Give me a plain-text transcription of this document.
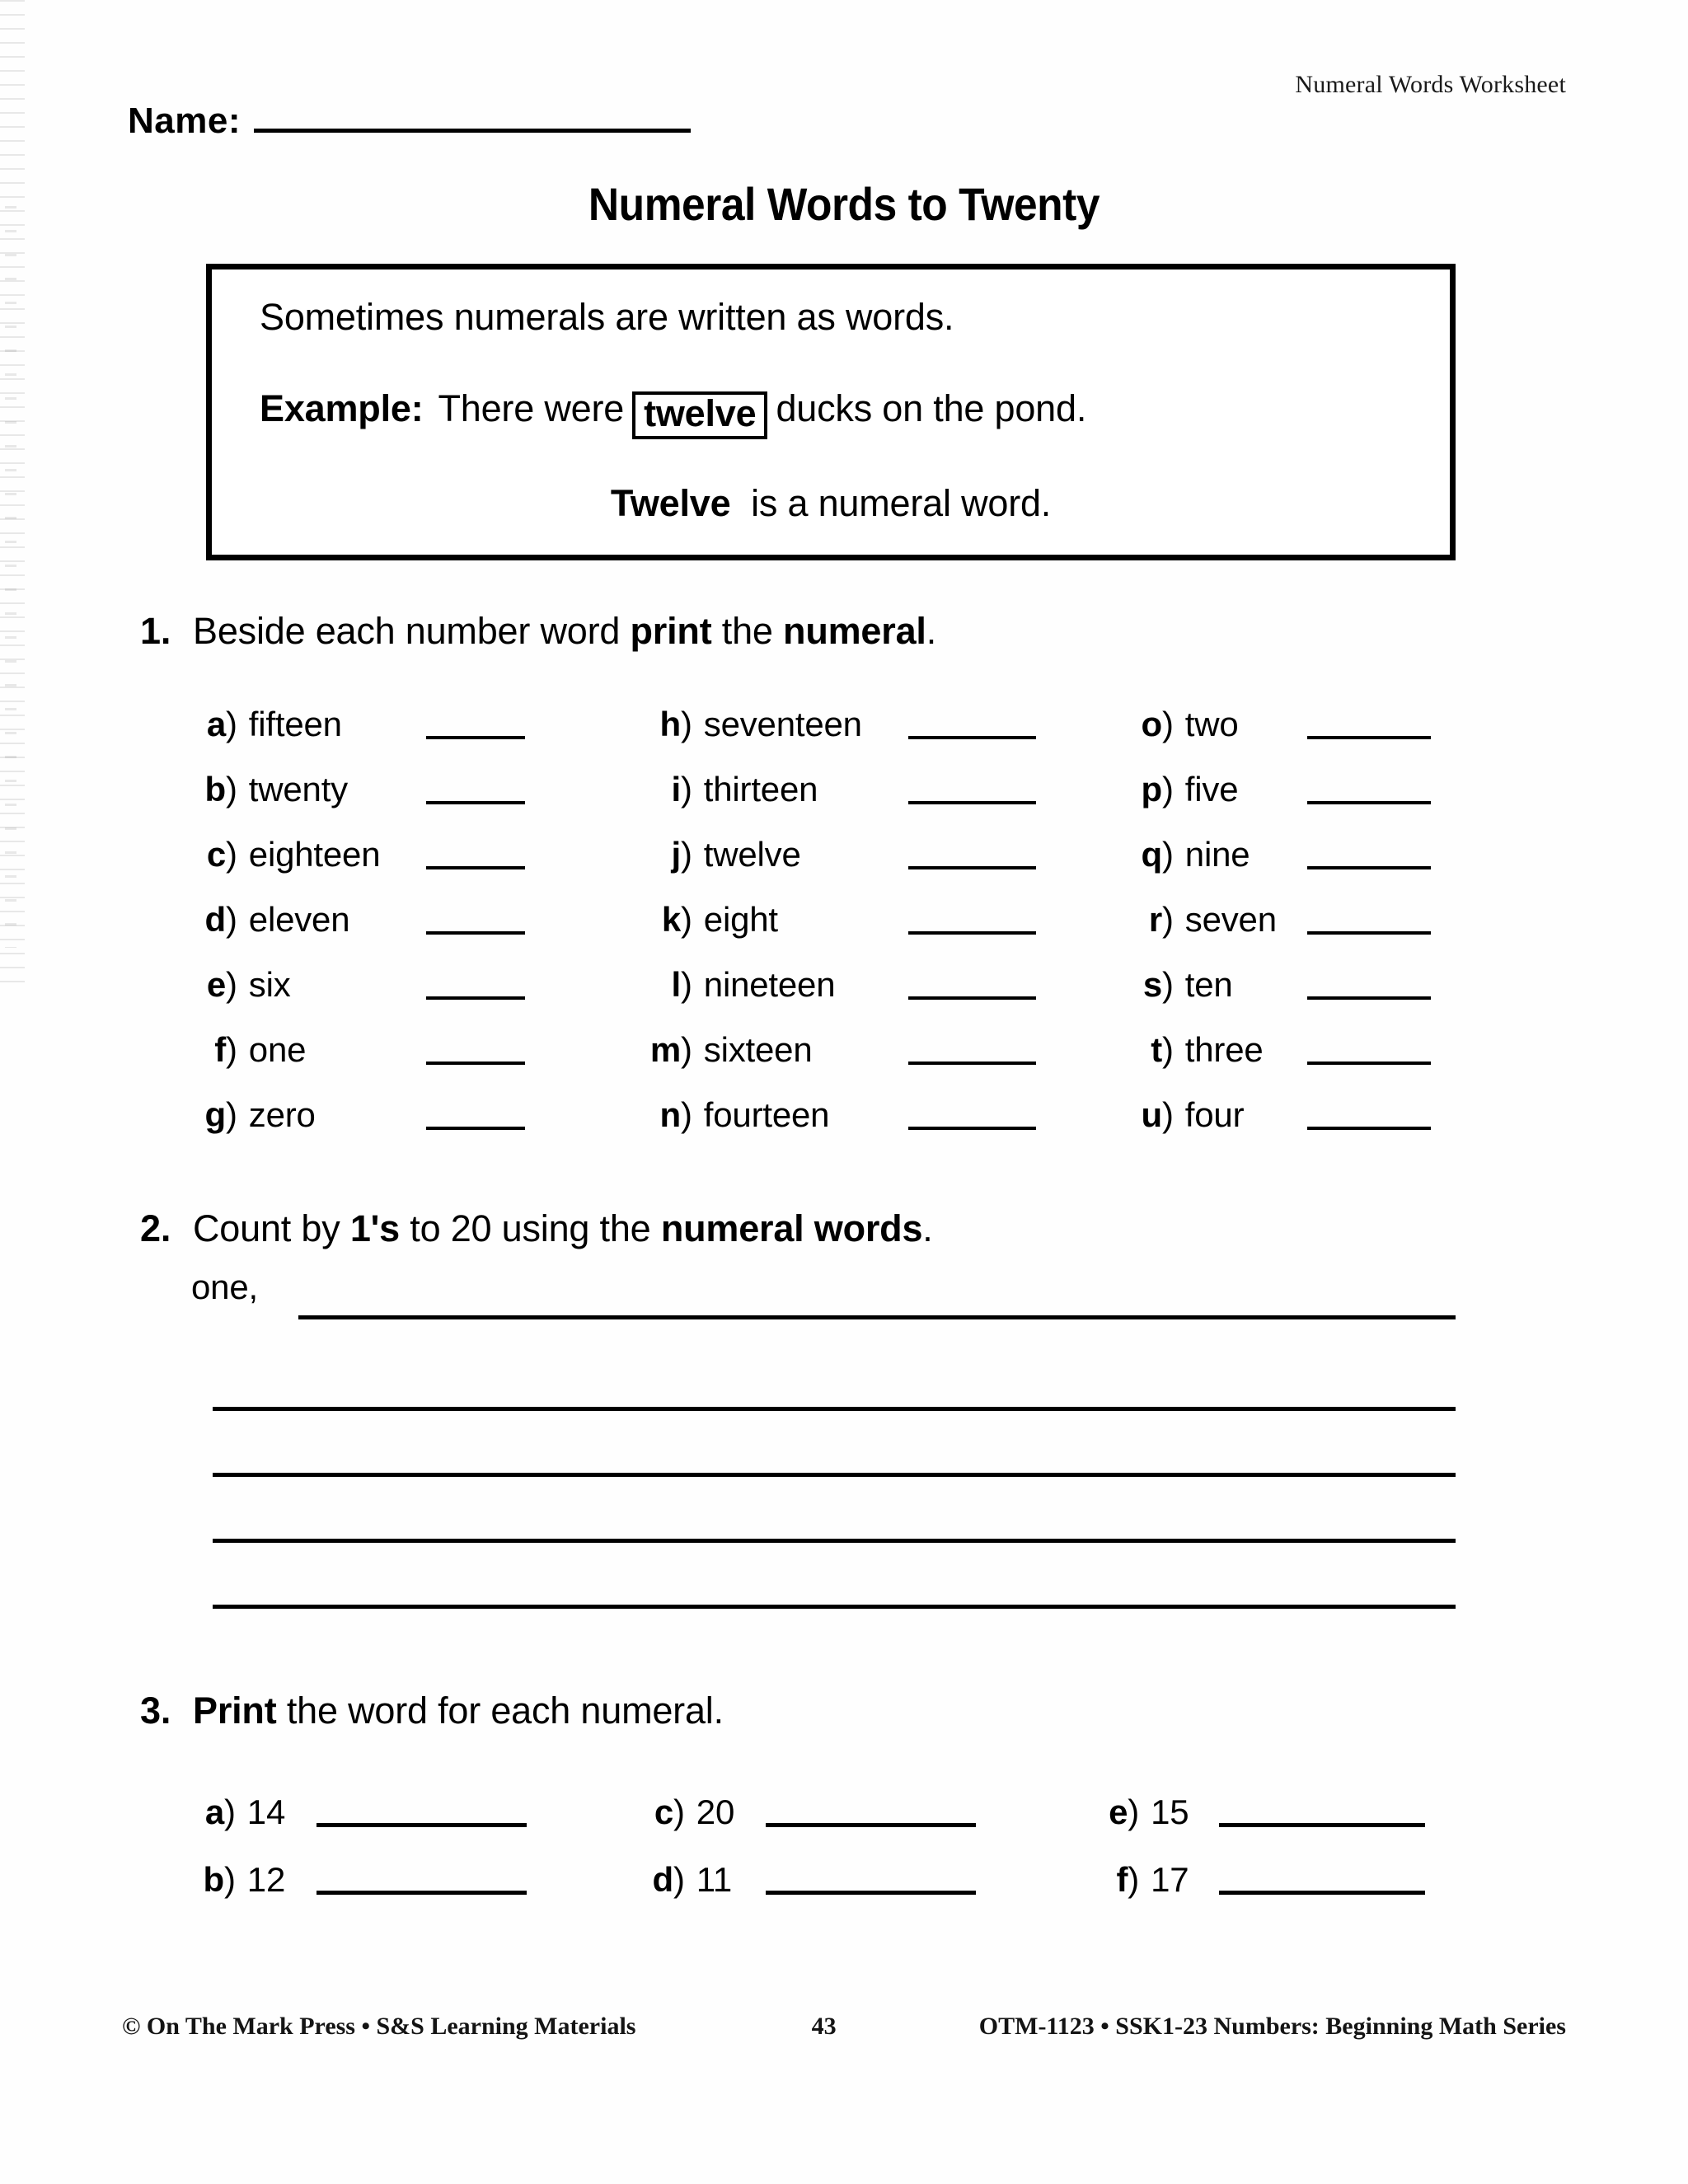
Numeral Words Worksheet
Name:
Numeral Words to Twenty
Sometimes numerals are written as words.
Example: There were twelve ducks on the pond.
Twelve is a numeral word.
1. Beside each number word print the numeral.
a ) fifteen	h ) seventeen	o ) two
b ) twenty	i ) thirteen	p ) five
c ) eighteen	j ) twelve	q ) nine
d ) eleven	k ) eight	r ) seven
e ) six	l ) nineteen	s ) ten
f ) one	m ) sixteen	t ) three
g ) zero	n ) fourteen	u ) four
2. Count by 1's to 20 using the numeral words.
one,
3. Print the word for each numeral.
a ) 14	c ) 20	e ) 15
b ) 12	d ) 11	f ) 17
© On The Mark Press • S&S Learning Materials	43	OTM-1123 • SSK1-23 Numbers: Beginning Math Series
